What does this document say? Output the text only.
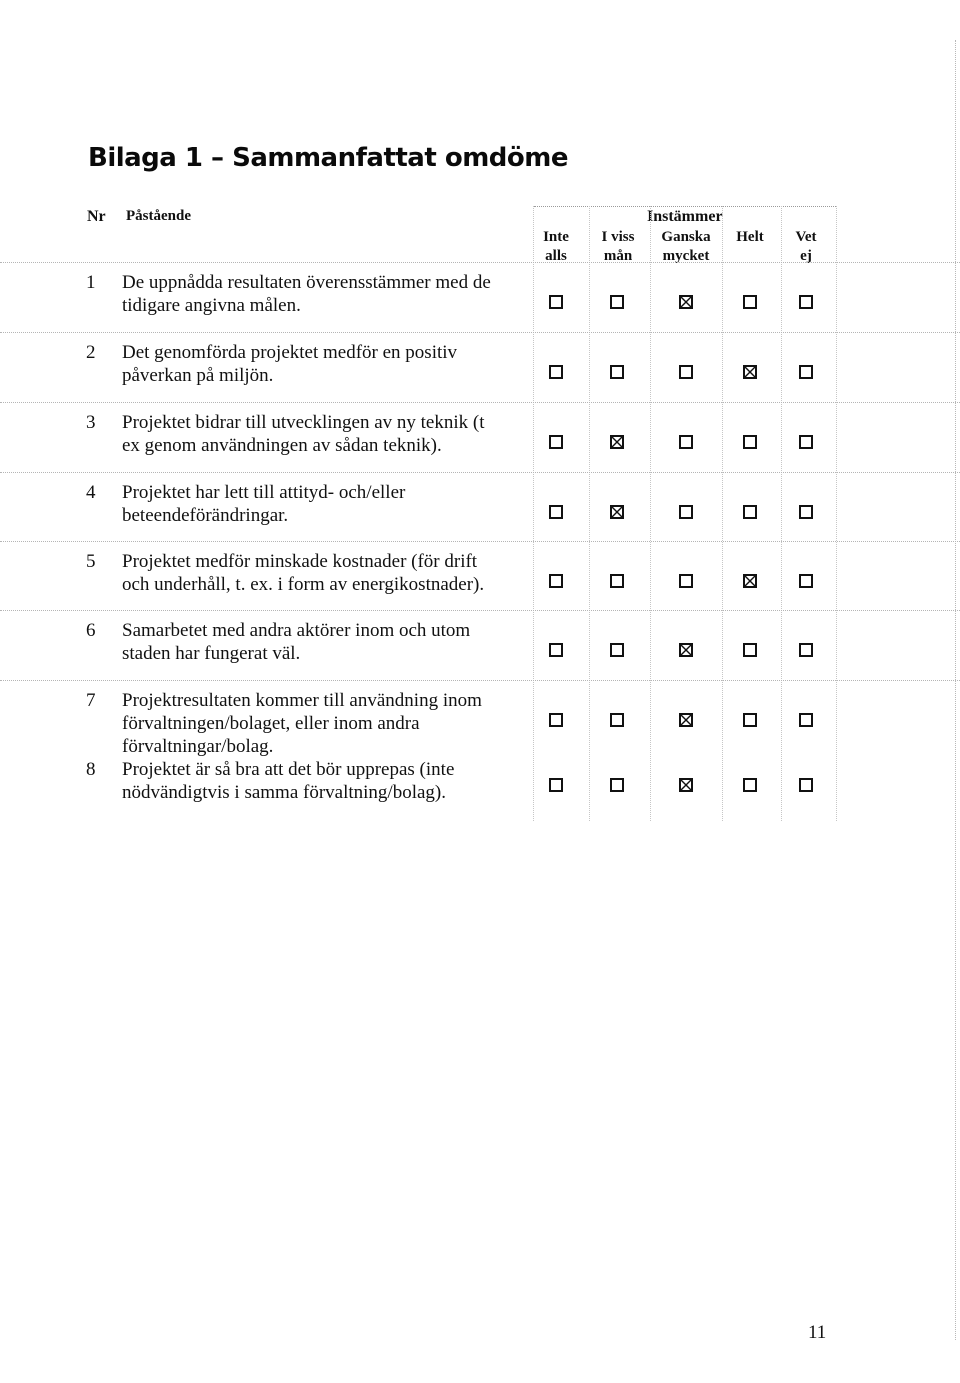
Bilaga 1 – Sammanfattat omdöme
Nr Påstående	Instämmer
Inte
alls
I viss
mån
Ganska
mycket
Helt Vet
ej
1 De uppnådda resultaten överensstämmer med de
tidigare angivna målen.
2 Det genomförda projektet medför en positiv
påverkan på miljön.
3 Projektet bidrar till utvecklingen av ny teknik (t
ex genom användningen av sådan teknik).
4 Projektet har lett till attityd- och/eller
beteendeförändringar.
5 Projektet medför minskade kostnader (för drift
och underhåll, t. ex. i form av energikostnader).
6 Samarbetet med andra aktörer inom och utom
staden har fungerat väl.
7 Projektresultaten kommer till användning inom
förvaltningen/bolaget, eller inom andra
förvaltningar/bolag.
8 Projektet är så bra att det bör upprepas (inte
nödvändigtvis i samma förvaltning/bolag).
11
